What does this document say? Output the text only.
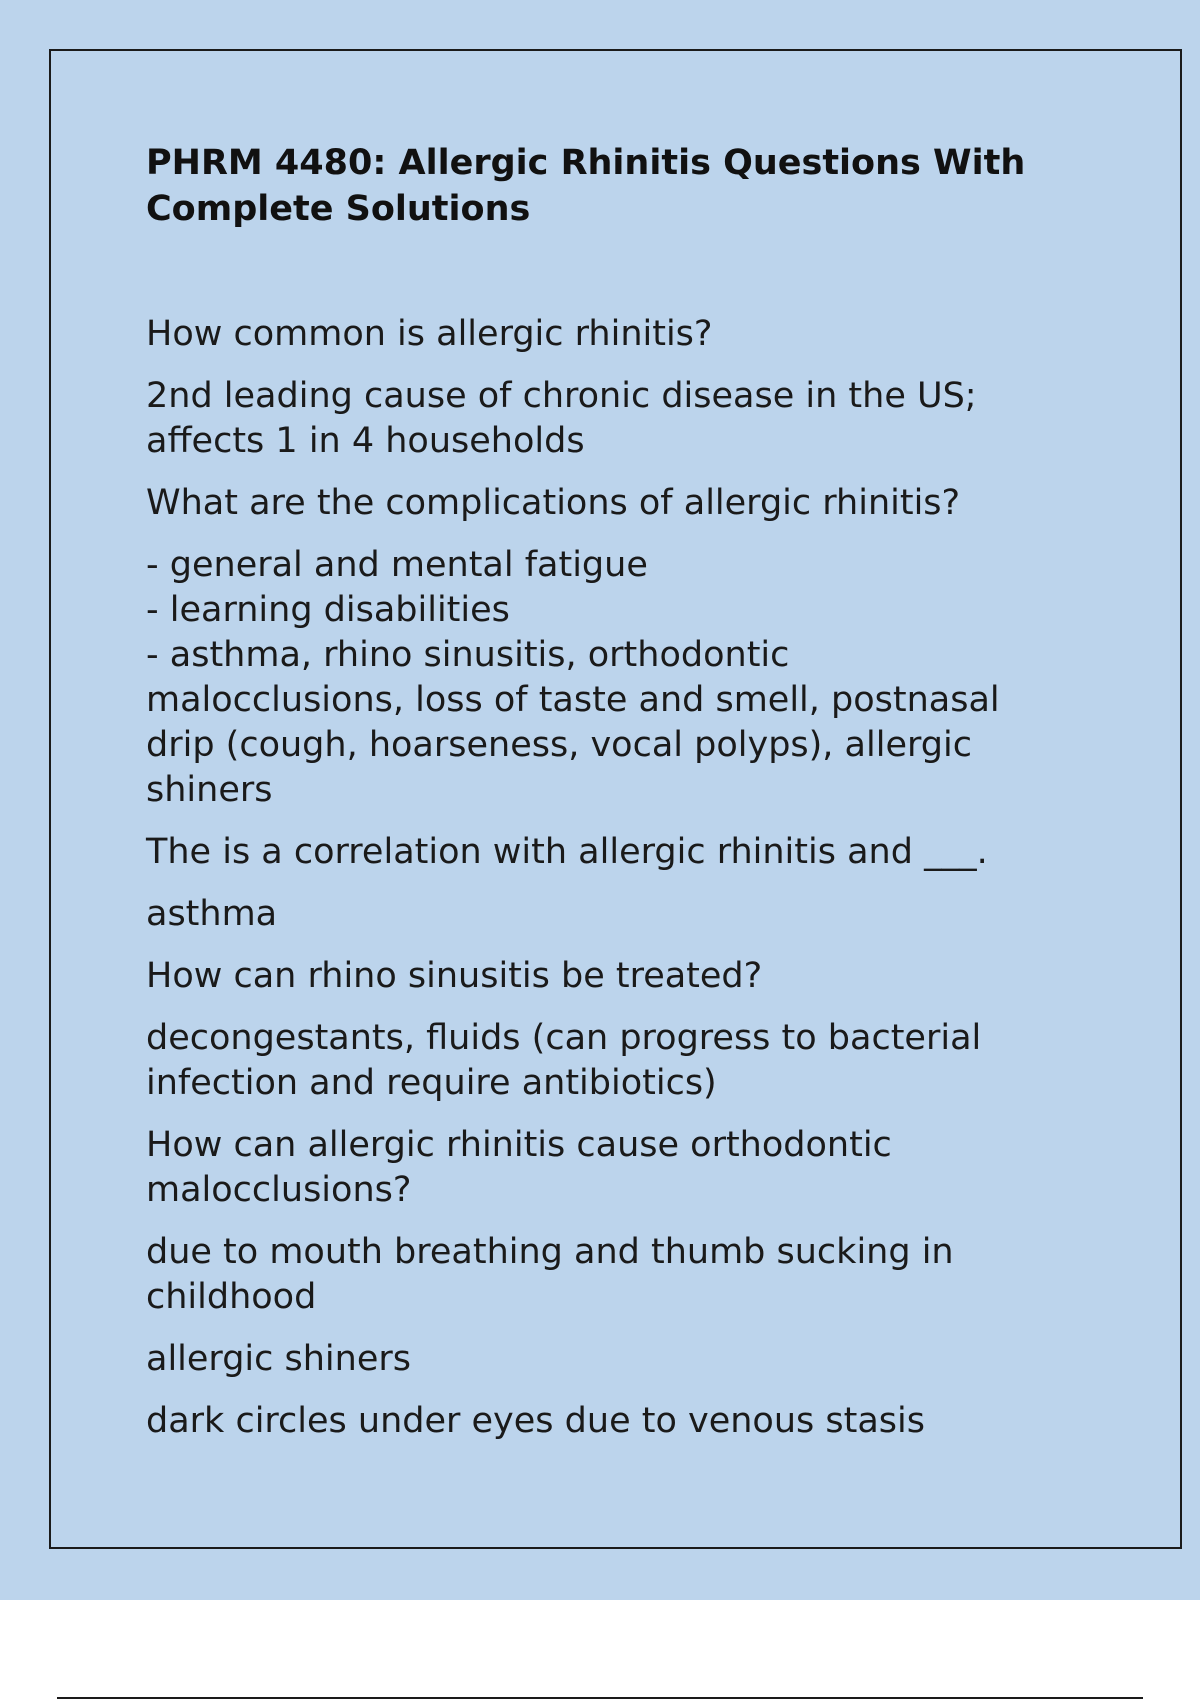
PHRM 4480: Allergic Rhinitis Questions With Complete Solutions

How common is allergic rhinitis?

2nd leading cause of chronic disease in the US;
affects 1 in 4 households

What are the complications of allergic rhinitis?

- general and mental fatigue
- learning disabilities
- asthma, rhino sinusitis, orthodontic
malocclusions, loss of taste and smell, postnasal
drip (cough, hoarseness, vocal polyps), allergic
shiners

The is a correlation with allergic rhinitis and ___.

asthma

How can rhino sinusitis be treated?

decongestants, fluids (can progress to bacterial
infection and require antibiotics)

How can allergic rhinitis cause orthodontic
malocclusions?

due to mouth breathing and thumb sucking in
childhood

allergic shiners

dark circles under eyes due to venous stasis
